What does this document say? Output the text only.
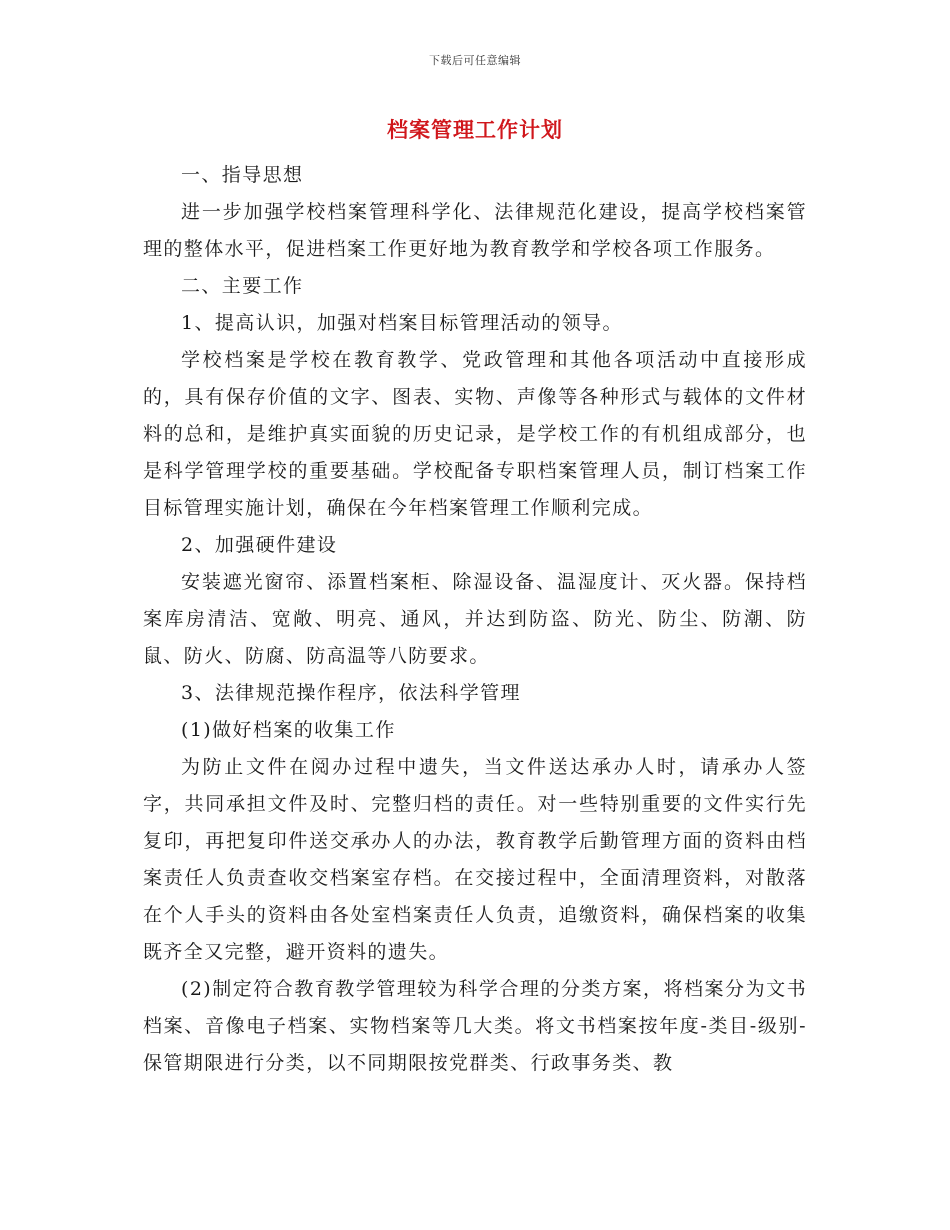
下载后可任意编辑
档案管理工作计划

一、指导思想

进一步加强学校档案管理科学化、法律规范化建设，提高学校档案管理的整体水平，促进档案工作更好地为教育教学和学校各项工作服务。

二、主要工作

1、提高认识，加强对档案目标管理活动的领导。

学校档案是学校在教育教学、党政管理和其他各项活动中直接形成的，具有保存价值的文字、图表、实物、声像等各种形式与载体的文件材料的总和，是维护真实面貌的历史记录，是学校工作的有机组成部分，也是科学管理学校的重要基础。学校配备专职档案管理人员，制订档案工作目标管理实施计划，确保在今年档案管理工作顺利完成。

2、加强硬件建设

安装遮光窗帘、添置档案柜、除湿设备、温湿度计、灭火器。保持档案库房清洁、宽敞、明亮、通风，并达到防盗、防光、防尘、防潮、防鼠、防火、防腐、防高温等八防要求。

3、法律规范操作程序，依法科学管理

(1)做好档案的收集工作

为防止文件在阅办过程中遗失，当文件送达承办人时，请承办人签字，共同承担文件及时、完整归档的责任。对一些特别重要的文件实行先复印，再把复印件送交承办人的办法，教育教学后勤管理方面的资料由档案责任人负责查收交档案室存档。在交接过程中，全面清理资料，对散落在个人手头的资料由各处室档案责任人负责，追缴资料，确保档案的收集既齐全又完整，避开资料的遗失。

(2)制定符合教育教学管理较为科学合理的分类方案，将档案分为文书档案、音像电子档案、实物档案等几大类。将文书档案按年度-类目-级别-保管期限进行分类，以不同期限按党群类、行政事务类、教
